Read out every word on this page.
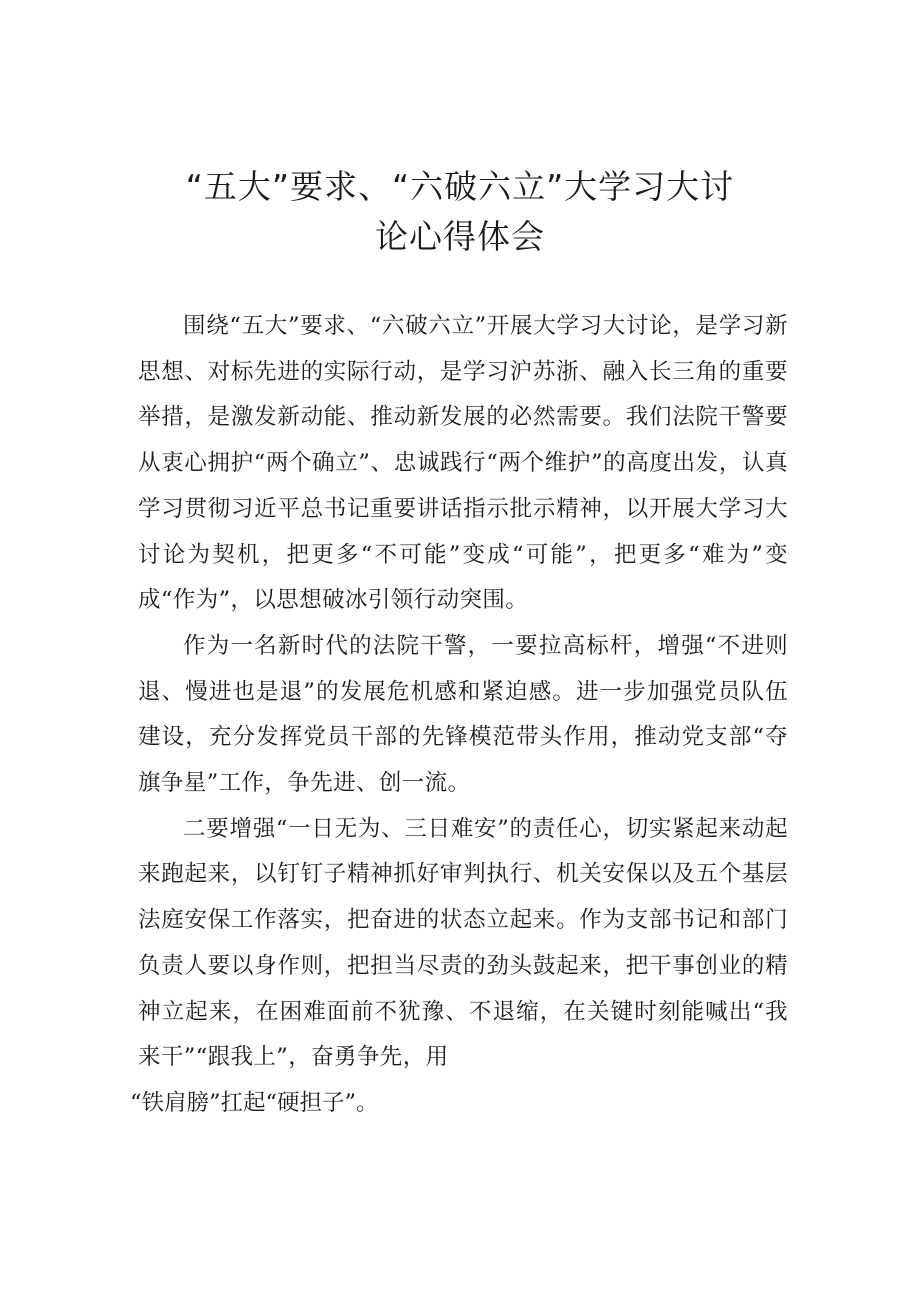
“五大”要求、“六破六立”大学习大讨
论心得体会

围绕“五大”要求、“六破六立”开展大学习大讨论，是学习新思想、对标先进的实际行动，是学习沪苏浙、融入长三角的重要举措，是激发新动能、推动新发展的必然需要。我们法院干警要从衷心拥护“两个确立”、忠诚践行“两个维护”的高度出发，认真学习贯彻习近平总书记重要讲话指示批示精神，以开展大学习大讨论为契机，把更多“不可能”变成“可能”，把更多“难为”变成“作为”，以思想破冰引领行动突围。

作为一名新时代的法院干警，一要拉高标杆，增强“不进则退、慢进也是退”的发展危机感和紧迫感。进一步加强党员队伍建设，充分发挥党员干部的先锋模范带头作用，推动党支部“夺旗争星”工作，争先进、创一流。

二要增强“一日无为、三日难安”的责任心，切实紧起来动起来跑起来，以钉钉子精神抓好审判执行、机关安保以及五个基层法庭安保工作落实，把奋进的状态立起来。作为支部书记和部门负责人要以身作则，把担当尽责的劲头鼓起来，把干事创业的精神立起来，在困难面前不犹豫、不退缩，在关键时刻能喊出“我来干”“跟我上”，奋勇争先，用

“铁肩膀”扛起“硬担子”。
